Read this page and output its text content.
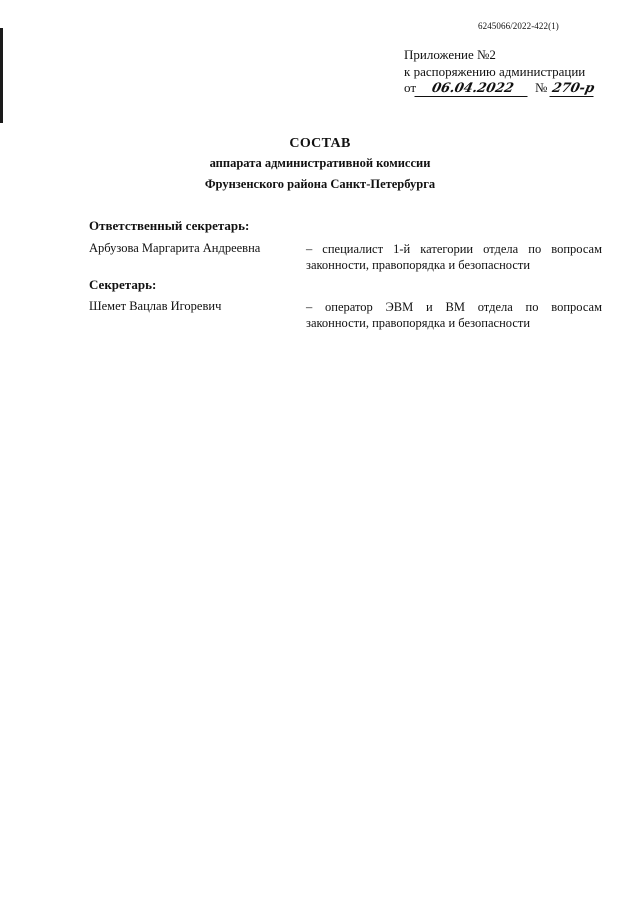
6245066/2022-422(1)
Приложение №2
к распоряжению администрации
от	06.04.2022	№ 270-р
СОСТАВ
аппарата административной комиссии
Фрунзенского района Санкт-Петербурга
Ответственный секретарь:
Арбузова Маргарита Андреевна	– специалист 1-й категории отдела по вопросам
законности, правопорядка и безопасности
Секретарь:
Шемет Вацлав Игоревич	– оператор ЭВМ и ВМ отдела по вопросам
законности, правопорядка и безопасности
